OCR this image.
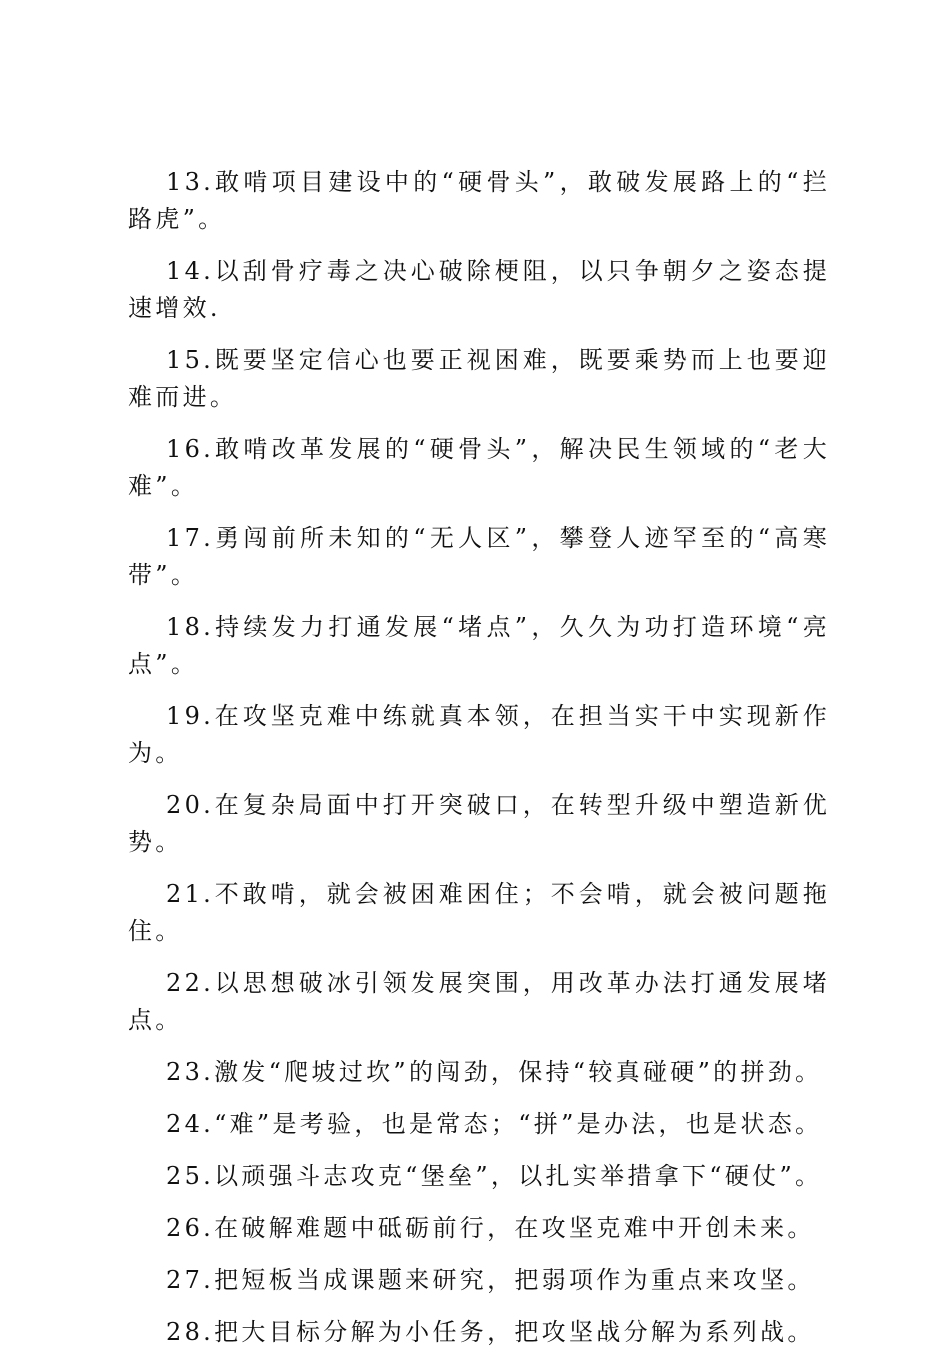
13.敢啃项目建设中的“硬骨头”，敢破发展路上的“拦路虎”。

14.以刮骨疗毒之决心破除梗阻，以只争朝夕之姿态提速增效.

15.既要坚定信心也要正视困难，既要乘势而上也要迎难而进。

16.敢啃改革发展的“硬骨头”，解决民生领域的“老大难”。

17.勇闯前所未知的“无人区”，攀登人迹罕至的“高寒带”。

18.持续发力打通发展“堵点”，久久为功打造环境“亮点”。

19.在攻坚克难中练就真本领，在担当实干中实现新作为。

20.在复杂局面中打开突破口，在转型升级中塑造新优势。

21.不敢啃，就会被困难困住；不会啃，就会被问题拖住。

22.以思想破冰引领发展突围，用改革办法打通发展堵点。

23.激发“爬坡过坎”的闯劲，保持“较真碰硬”的拼劲。

24.“难”是考验，也是常态；“拼”是办法，也是状态。

25.以顽强斗志攻克“堡垒”，以扎实举措拿下“硬仗”。

26.在破解难题中砥砺前行，在攻坚克难中开创未来。

27.把短板当成课题来研究，把弱项作为重点来攻坚。

28.把大目标分解为小任务，把攻坚战分解为系列战。
